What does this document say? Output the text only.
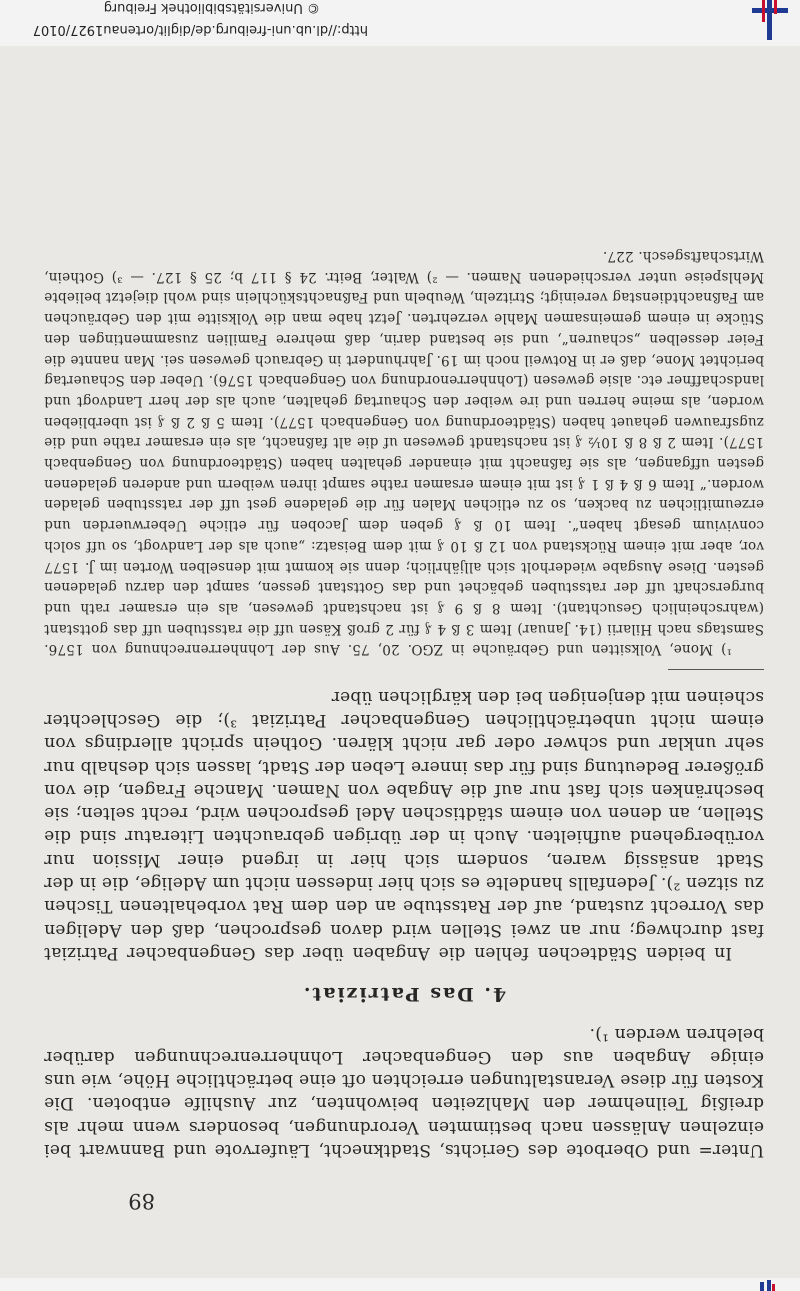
89

Unter= und Oberbote des Gerichts, Stadtknecht, Läufervote und Bannwart bei einzelnen Anlässen nach bestimmten Verordnungen, besonders wenn mehr als dreißig Teilnehmer den Mahlzeiten beiwohnten, zur Aushilfe entboten. Die Kosten für diese Veranstaltungen erreichten oft eine beträchtliche Höhe, wie uns einige Angaben aus den Gengenbacher Lohnherrenrechnungen darüber belehren werden ¹).

4. Das Patriziat.

In beiden Städtechen fehlen die Angaben über das Gengenbacher Patriziat fast durchweg; nur an zwei Stellen wird davon gesprochen, daß den Adeligen das Vorrecht zustand, auf der Ratsstube an den dem Rat vorbehaltenen Tischen zu sitzen ²). Jedenfalls handelte es sich hier indessen nicht um Adelige, die in der Stadt ansässig waren, sondern sich hier in irgend einer Mission nur vorübergehend aufhielten. Auch in der übrigen gebrauchten Literatur sind die Stellen, an denen von einem städtischen Adel gesprochen wird, recht selten; sie beschränken sich fast nur auf die Angabe von Namen. Manche Fragen, die von größerer Bedeutung sind für das innere Leben der Stadt, lassen sich deshalb nur sehr unklar und schwer oder gar nicht klären. Gothein spricht allerdings von einem nicht unbeträchtlichen Gengenbacher Patriziat ³); die Geschlechter scheinen mit denjenigen bei den kärglichen über

¹) Mone, Volksitten und Gebräuche in ZGO. 20, 75. Aus der Lohnherrenrechnung von 1576. Samstags nach Hilarii (14. Januar) Item 3 ß 4 ₰ für 2 groß Käsen uff die ratsstuben uff das gottstant (wahrscheinlich Gesuchtant). Item 8 ß 9 ₰ ist nachstandt gewesen, als ein ersamer rath und burgerschaft uff der ratsstuben gebächet und das Gottstant gessen, sampt den darzu geladenen gesten. Diese Ausgabe wiederholt sich alljährlich; denn sie kommt mit denselben Worten im J. 1577 vor, aber mit einem Rückstand von 12 ß 10 ₰ mit dem Beisatz: „auch als der Landvogt, so uff solch convivium gesagt haben“. Item 10 ß ₰ geben dem Jacoben für etliche Ueberwuerden und erzeumitlichen zu backen, so zu etlichen Malen für die geladene gest uff der ratsstuben geladen worden.“ Item 6 ß 4 ß 1 ₰ ist mit einem ersamen rathe sampt ihren weibern und anderen geladenen gesten uffgangen, als sie faßnacht mit einander gehalten haben (Städteordnung von Gengenbach 1577). Item 2 ß 8 ß 10½ ₰ ist nachstandt gewesen uf die alt faßnacht, als ein ersamer rathe und die zugsfrauwen gehauet haben (Städteordnung von Gengenbach 1577). Item 5 ß 2 ß ₰ ist uberblieben worden, als meine herren und ire weiber den Schaurtag gehalten, auch als der herr Landvogt und landschaffner etc. alsie gewesen (Lohnherrenordnung von Gengenbach 1576). Ueber den Schauertag berichtet Mone, daß er in Rotweil noch im 19. Jahrhundert in Gebrauch gewesen sei. Man nannte die Feier desselben „schauren“, und sie bestand darin, daß mehrere Familien zusammentingen den Stücke in einem gemeinsamen Mahle verzehrten. Jetzt habe man die Volksitte mit den Gebräuchen am Faßnachtdienstag vereinigt; Stritzeln, Weubeln und Faßnachtsküchlein sind wohl diejetzt beliebte Mehlspeise unter verschiedenen Namen. — ²) Walter, Beitr. 24 § 117 b; 25 § 127. — ³) Gothein, Wirtschaftsgesch. 227.

http://dl.ub.uni-freiburg.de/diglit/ortenau1927/0107
© Universitätsbibliothek Freiburg
